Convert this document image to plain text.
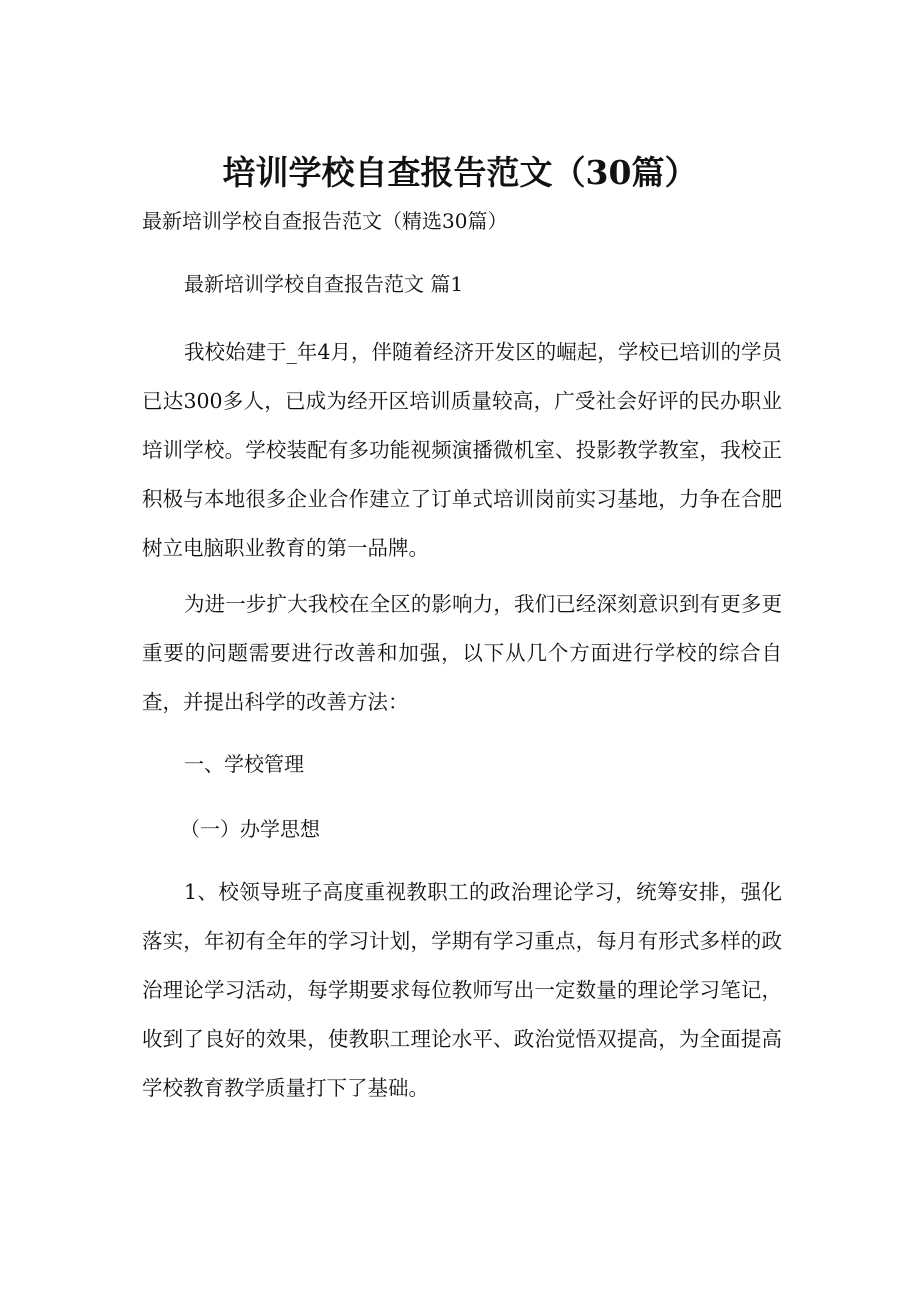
培训学校自查报告范文（30篇）
最新培训学校自查报告范文（精选30篇）
最新培训学校自查报告范文 篇1

我校始建于_年4月，伴随着经济开发区的崛起，学校已培训的学员已达300多人，已成为经开区培训质量较高，广受社会好评的民办职业培训学校。学校装配有多功能视频演播微机室、投影教学教室，我校正积极与本地很多企业合作建立了订单式培训岗前实习基地，力争在合肥树立电脑职业教育的第一品牌。

为进一步扩大我校在全区的影响力，我们已经深刻意识到有更多更重要的问题需要进行改善和加强，以下从几个方面进行学校的综合自查，并提出科学的改善方法：

一、学校管理
（一）办学思想

1、校领导班子高度重视教职工的政治理论学习，统筹安排，强化落实，年初有全年的学习计划，学期有学习重点，每月有形式多样的政治理论学习活动，每学期要求每位教师写出一定数量的理论学习笔记，收到了良好的效果，使教职工理论水平、政治觉悟双提高，为全面提高学校教育教学质量打下了基础。
